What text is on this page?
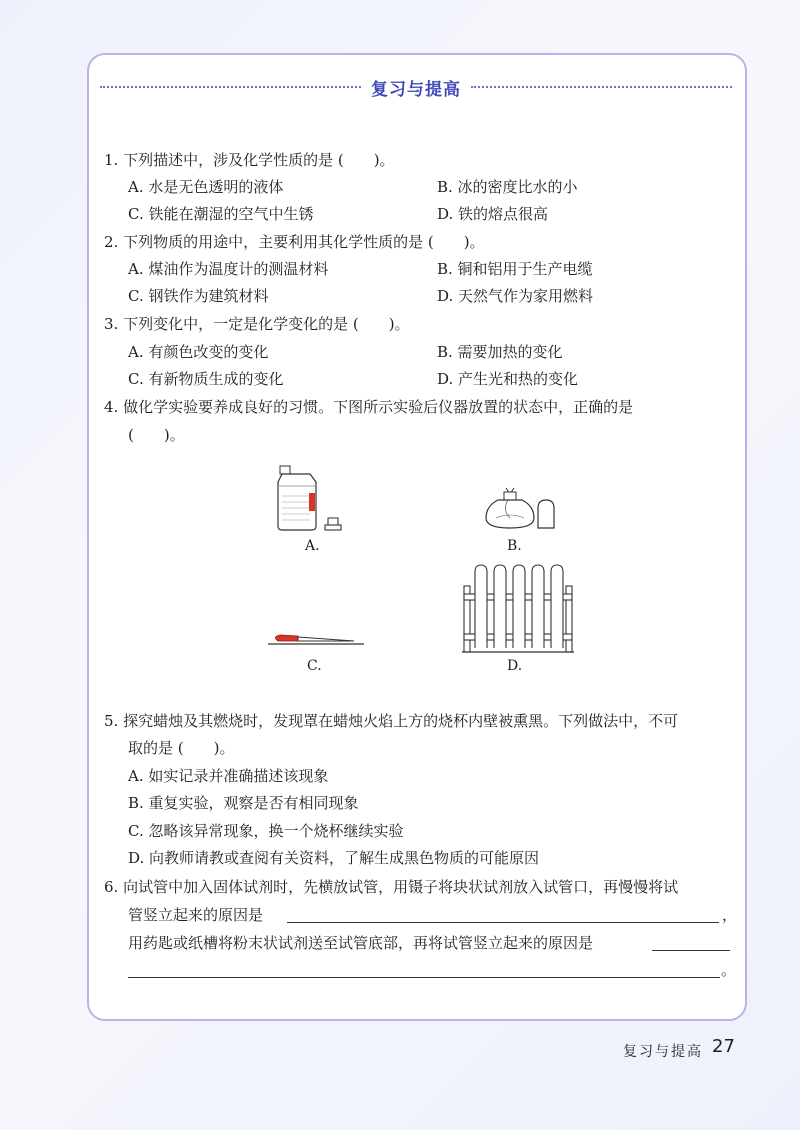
复习与提高
1. 下列描述中，涉及化学性质的是 (　　)。
A. 水是无色透明的液体	B. 冰的密度比水的小
C. 铁能在潮湿的空气中生锈	D. 铁的熔点很高
2. 下列物质的用途中，主要利用其化学性质的是 (　　)。
A. 煤油作为温度计的测温材料	B. 铜和铝用于生产电缆
C. 钢铁作为建筑材料	D. 天然气作为家用燃料
3. 下列变化中，一定是化学变化的是 (　　)。
A. 有颜色改变的变化	B. 需要加热的变化
C. 有新物质生成的变化	D. 产生光和热的变化
4. 做化学实验要养成良好的习惯。下图所示实验后仪器放置的状态中，正确的是
(　　)。
A.	B.
C.	D.
5. 探究蜡烛及其燃烧时，发现罩在蜡烛火焰上方的烧杯内壁被熏黑。下列做法中，不可
取的是 (　　)。
A. 如实记录并准确描述该现象
B. 重复实验，观察是否有相同现象
C. 忽略该异常现象，换一个烧杯继续实验
D. 向教师请教或查阅有关资料，了解生成黑色物质的可能原因
6. 向试管中加入固体试剂时，先横放试管，用镊子将块状试剂放入试管口，再慢慢将试
管竖立起来的原因是	，
用药匙或纸槽将粉末状试剂送至试管底部，再将试管竖立起来的原因是
。
复习与提高 27
